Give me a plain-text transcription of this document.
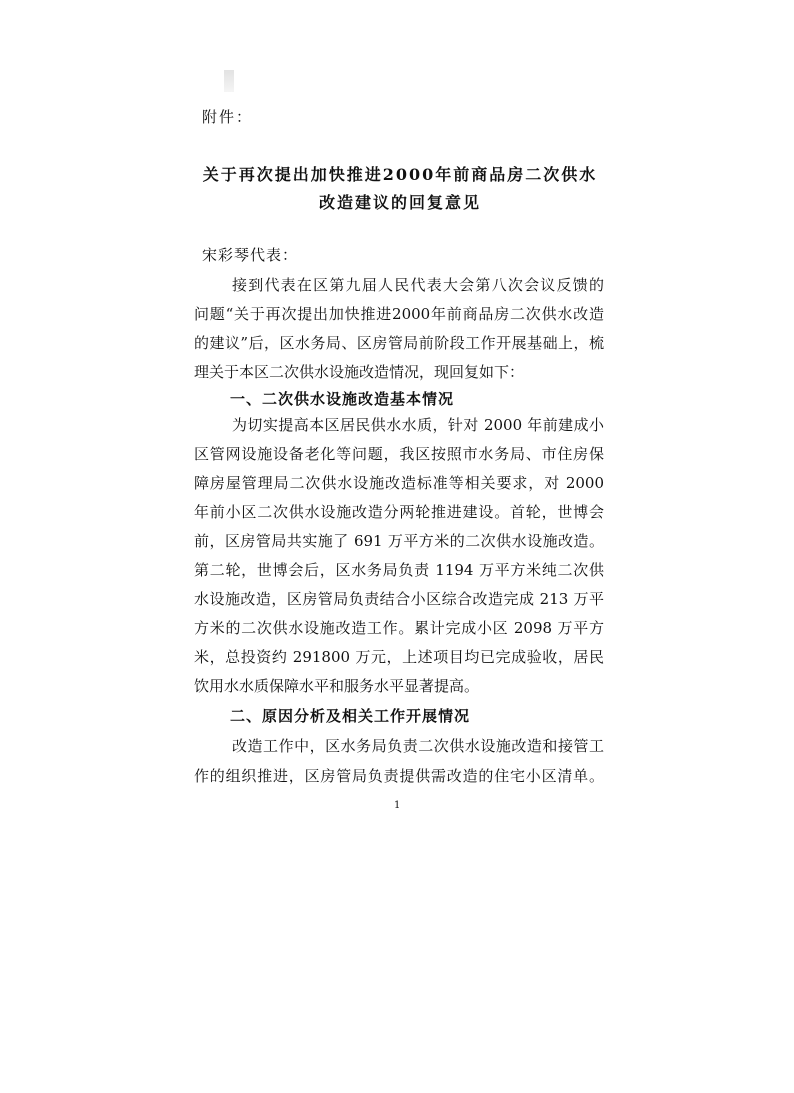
附件：
关于再次提出加快推进2000年前商品房二次供水
改造建议的回复意见
宋彩琴代表：
接到代表在区第九届人民代表大会第八次会议反馈的
问题“关于再次提出加快推进2000年前商品房二次供水改造
的建议”后，区水务局、区房管局前阶段工作开展基础上，梳
理关于本区二次供水设施改造情况，现回复如下：
一、二次供水设施改造基本情况
为切实提高本区居民供水水质，针对 2000 年前建成小
区管网设施设备老化等问题，我区按照市水务局、市住房保
障房屋管理局二次供水设施改造标准等相关要求，对 2000
年前小区二次供水设施改造分两轮推进建设。首轮，世博会
前，区房管局共实施了 691 万平方米的二次供水设施改造。
第二轮，世博会后，区水务局负责 1194 万平方米纯二次供
水设施改造，区房管局负责结合小区综合改造完成 213 万平
方米的二次供水设施改造工作。累计完成小区 2098 万平方
米，总投资约 291800 万元，上述项目均已完成验收，居民
饮用水水质保障水平和服务水平显著提高。
二、原因分析及相关工作开展情况
改造工作中，区水务局负责二次供水设施改造和接管工
作的组织推进，区房管局负责提供需改造的住宅小区清单。
1
